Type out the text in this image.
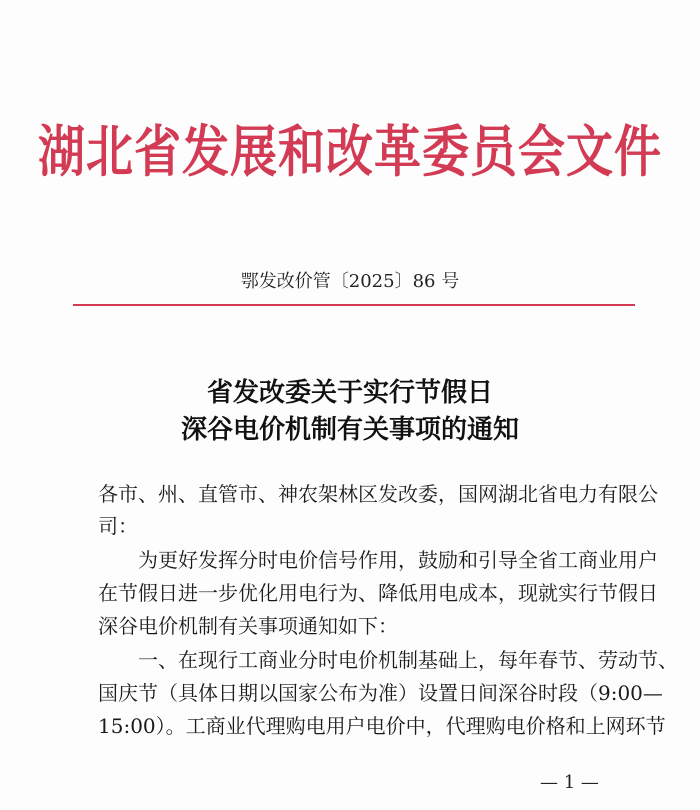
湖北省发展和改革委员会文件
鄂发改价管〔2025〕86 号
省发改委关于实行节假日
深谷电价机制有关事项的通知
各市、州、直管市、神农架林区发改委，国网湖北省电力有限公
司：
为更好发挥分时电价信号作用，鼓励和引导全省工商业用户
在节假日进一步优化用电行为、降低用电成本，现就实行节假日
深谷电价机制有关事项通知如下：
一、在现行工商业分时电价机制基础上，每年春节、劳动节、
国庆节（具体日期以国家公布为准）设置日间深谷时段（9:00—
15:00）。工商业代理购电用户电价中，代理购电价格和上网环节
— 1 —
